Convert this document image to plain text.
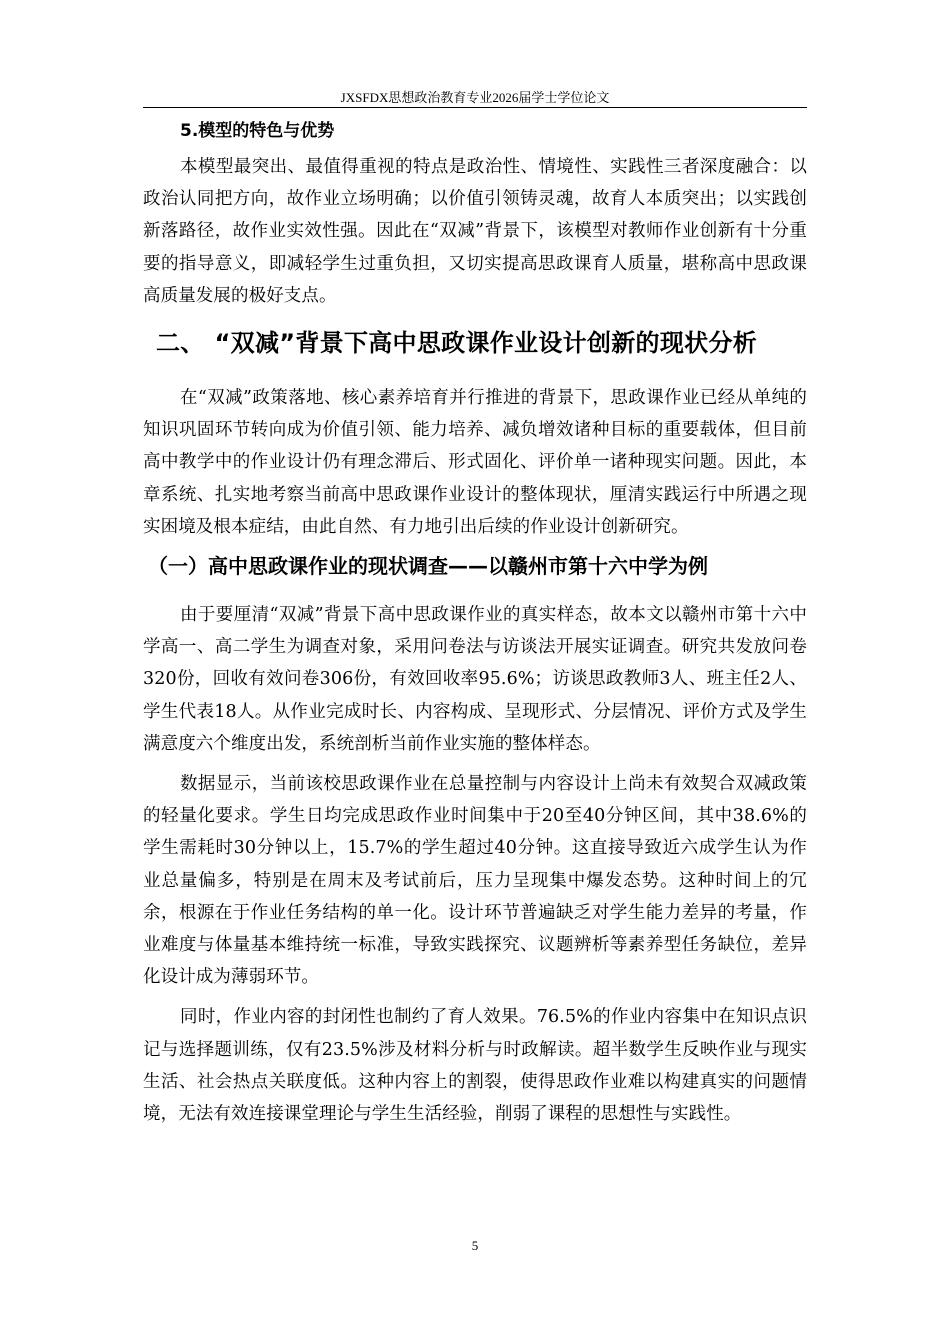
JXSFDX思想政治教育专业2026届学士学位论文
5.模型的特色与优势

本模型最突出、最值得重视的特点是政治性、情境性、实践性三者深度融合：以政治认同把方向，故作业立场明确；以价值引领铸灵魂，故育人本质突出；以实践创新落路径，故作业实效性强。因此在“双减”背景下，该模型对教师作业创新有十分重要的指导意义，即减轻学生过重负担，又切实提高思政课育人质量，堪称高中思政课高质量发展的极好支点。

二、 “双减”背景下高中思政课作业设计创新的现状分析

在“双减”政策落地、核心素养培育并行推进的背景下，思政课作业已经从单纯的知识巩固环节转向成为价值引领、能力培养、减负增效诸种目标的重要载体，但目前高中教学中的作业设计仍有理念滞后、形式固化、评价单一诸种现实问题。因此，本章系统、扎实地考察当前高中思政课作业设计的整体现状，厘清实践运行中所遇之现实困境及根本症结，由此自然、有力地引出后续的作业设计创新研究。

（一）高中思政课作业的现状调查——以赣州市第十六中学为例

由于要厘清“双减”背景下高中思政课作业的真实样态，故本文以赣州市第十六中学高一、高二学生为调查对象，采用问卷法与访谈法开展实证调查。研究共发放问卷320份，回收有效问卷306份，有效回收率95.6%；访谈思政教师3人、班主任2人、学生代表18人。从作业完成时长、内容构成、呈现形式、分层情况、评价方式及学生满意度六个维度出发，系统剖析当前作业实施的整体样态。

数据显示，当前该校思政课作业在总量控制与内容设计上尚未有效契合双减政策的轻量化要求。学生日均完成思政作业时间集中于20至40分钟区间，其中38.6%的学生需耗时30分钟以上，15.7%的学生超过40分钟。这直接导致近六成学生认为作业总量偏多，特别是在周末及考试前后，压力呈现集中爆发态势。这种时间上的冗余，根源在于作业任务结构的单一化。设计环节普遍缺乏对学生能力差异的考量，作业难度与体量基本维持统一标准，导致实践探究、议题辨析等素养型任务缺位，差异化设计成为薄弱环节。

同时，作业内容的封闭性也制约了育人效果。76.5%的作业内容集中在知识点识记与选择题训练，仅有23.5%涉及材料分析与时政解读。超半数学生反映作业与现实生活、社会热点关联度低。这种内容上的割裂，使得思政作业难以构建真实的问题情境，无法有效连接课堂理论与学生生活经验，削弱了课程的思想性与实践性。

5
